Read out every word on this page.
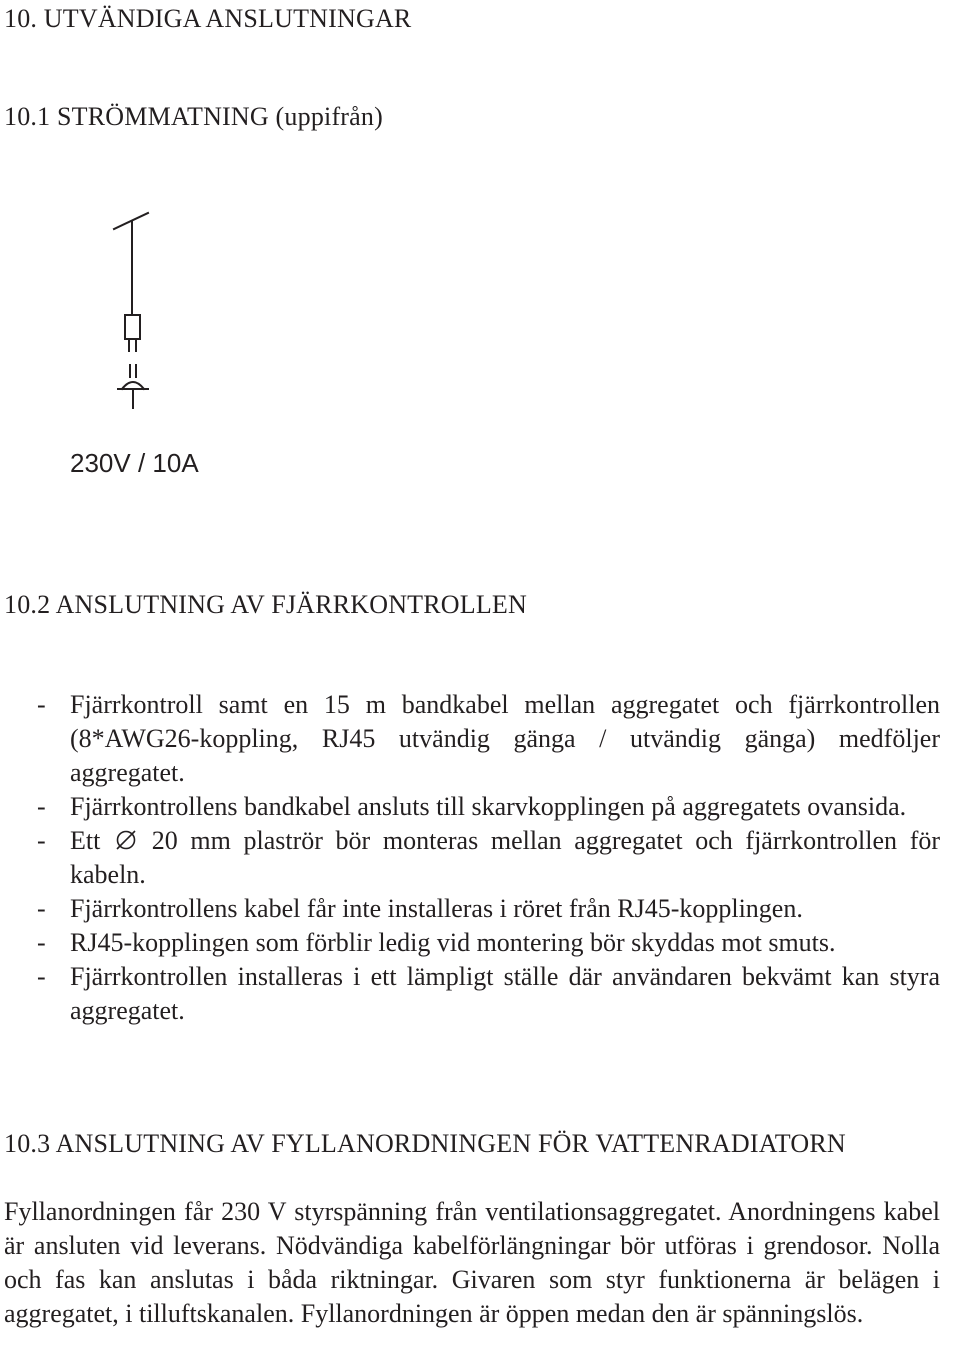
10. UTVÄNDIGA ANSLUTNINGAR
10.1 STRÖMMATNING (uppifrån)
230V / 10A
10.2 ANSLUTNING AV FJÄRRKONTROLLEN
- Fjärrkontroll samt en 15 m bandkabel mellan aggregatet och fjärrkontrollen (8*AWG26-koppling, RJ45 utvändig gänga / utvändig gänga) medföljer aggregatet.
- Fjärrkontrollens bandkabel ansluts till skarvkopplingen på aggregatets ovansida.
- Ett 20 mm plaströr bör monteras mellan aggregatet och fjärrkontrollen för kabeln.
- Fjärrkontrollens kabel får inte installeras i röret från RJ45-kopplingen.
- RJ45-kopplingen som förblir ledig vid montering bör skyddas mot smuts.
- Fjärrkontrollen installeras i ett lämpligt ställe där användaren bekvämt kan styra aggregatet.
10.3 ANSLUTNING AV FYLLANORDNINGEN FÖR VATTENRADIATORN

Fyllanordningen får 230 V styrspänning från ventilationsaggregatet. Anordningens kabel är ansluten vid leverans. Nödvändiga kabelförlängningar bör utföras i grendosor. Nolla och fas kan anslutas i båda riktningar. Givaren som styr funktionerna är belägen i aggregatet, i tilluftskanalen. Fyllanordningen är öppen medan den är spänningslös.
